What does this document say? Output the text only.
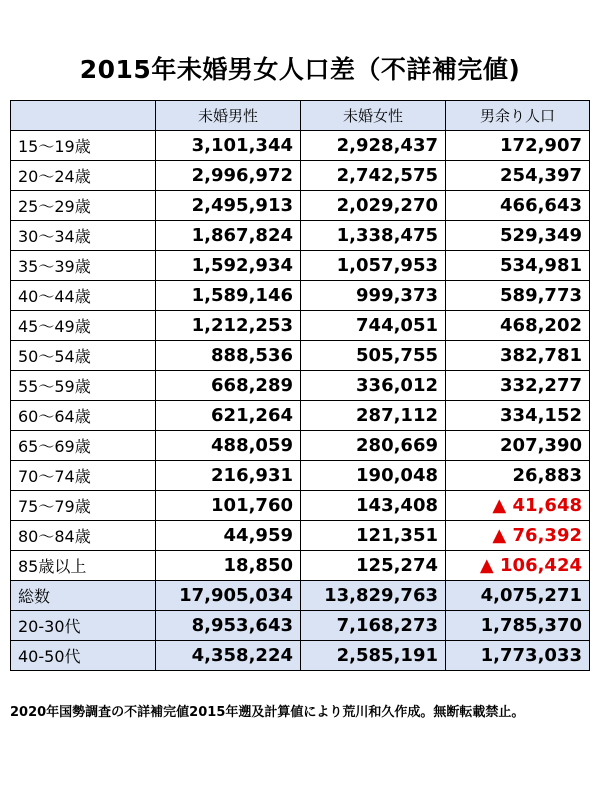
2015年未婚男女人口差（不詳補完値)
	未婚男性	未婚女性	男余り人口
15～19歳	3,101,344	2,928,437	172,907
20～24歳	2,996,972	2,742,575	254,397
25～29歳	2,495,913	2,029,270	466,643
30～34歳	1,867,824	1,338,475	529,349
35～39歳	1,592,934	1,057,953	534,981
40～44歳	1,589,146	999,373	589,773
45～49歳	1,212,253	744,051	468,202
50～54歳	888,536	505,755	382,781
55～59歳	668,289	336,012	332,277
60～64歳	621,264	287,112	334,152
65～69歳	488,059	280,669	207,390
70～74歳	216,931	190,048	26,883
75～79歳	101,760	143,408	▲ 41,648
80～84歳	44,959	121,351	▲ 76,392
85歳以上	18,850	125,274	▲ 106,424
総数	17,905,034	13,829,763	4,075,271
20-30代	8,953,643	7,168,273	1,785,370
40-50代	4,358,224	2,585,191	1,773,033
2020年国勢調査の不詳補完値2015年遡及計算値により荒川和久作成。無断転載禁止。
